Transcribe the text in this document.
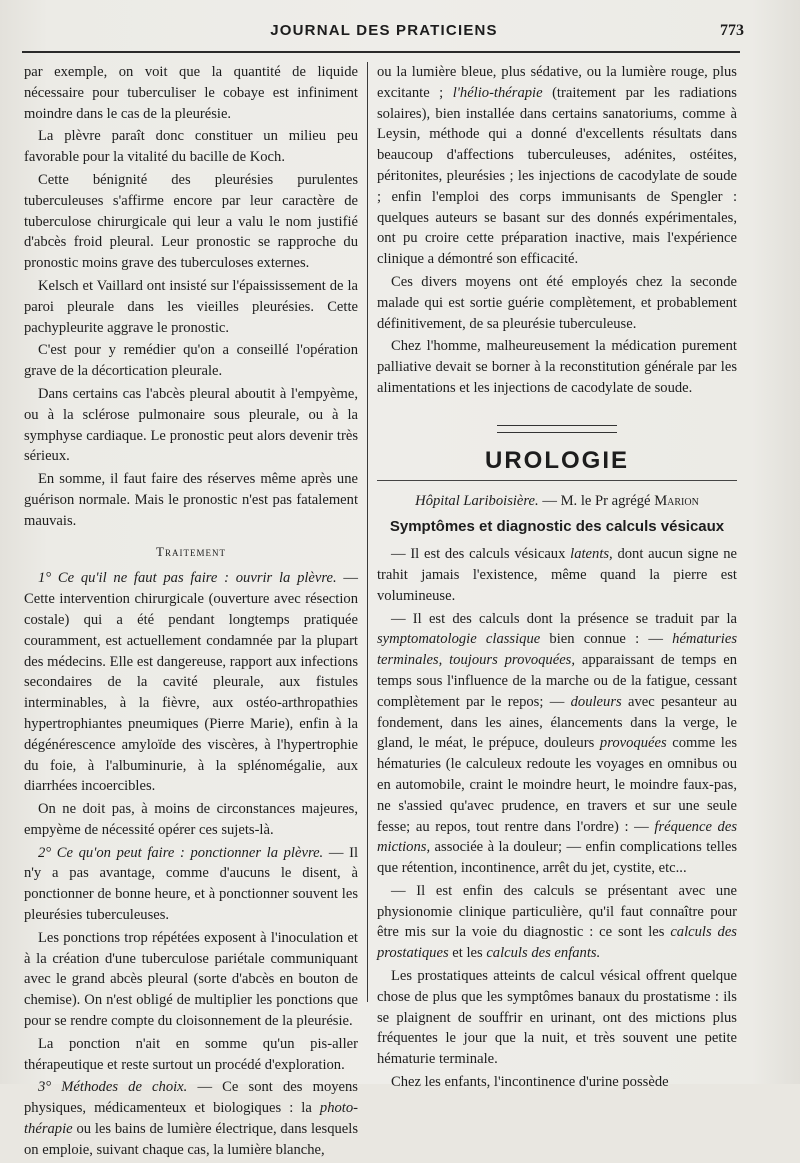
JOURNAL DES PRATICIENS	773

par exemple, on voit que la quantité de liquide nécessaire pour tuberculiser le cobaye est infiniment moindre dans le cas de la pleurésie.

La plèvre paraît donc constituer un milieu peu favorable pour la vitalité du bacille de Koch.

Cette bénignité des pleurésies purulentes tuberculeuses s'affirme encore par leur caractère de tuberculose chirurgicale qui leur a valu le nom justifié d'abcès froid pleural. Leur pronostic se rapproche du pronostic moins grave des tuberculoses externes.

Kelsch et Vaillard ont insisté sur l'épaississement de la paroi pleurale dans les vieilles pleurésies. Cette pachypleurite aggrave le pronostic.

C'est pour y remédier qu'on a conseillé l'opération grave de la décortication pleurale.

Dans certains cas l'abcès pleural aboutit à l'empyème, ou à la sclérose pulmonaire sous pleurale, ou à la symphyse cardiaque. Le pronostic peut alors devenir très sérieux.

En somme, il faut faire des réserves même après une guérison normale. Mais le pronostic n'est pas fatalement mauvais.

Traitement

1° Ce qu'il ne faut pas faire : ouvrir la plèvre. — Cette intervention chirurgicale (ouverture avec résection costale) qui a été pendant longtemps pratiquée couramment, est actuellement condamnée par la plupart des médecins. Elle est dangereuse, rapport aux infections secondaires de la cavité pleurale, aux fistules interminables, à la fièvre, aux ostéo-arthropathies hypertrophiantes pneumiques (Pierre Marie), enfin à la dégénérescence amyloïde des viscères, à l'hypertrophie du foie, à l'albuminurie, à la splénomégalie, aux diarrhées incoercibles.

On ne doit pas, à moins de circonstances majeures, empyème de nécessité opérer ces sujets-là.

2° Ce qu'on peut faire : ponctionner la plèvre. — Il n'y a pas avantage, comme d'aucuns le disent, à ponctionner de bonne heure, et à ponctionner souvent les pleurésies tuberculeuses.

Les ponctions trop répétées exposent à l'inoculation et à la création d'une tuberculose pariétale communiquant avec le grand abcès pleural (sorte d'abcès en bouton de chemise). On n'est obligé de multiplier les ponctions que pour se rendre compte du cloisonnement de la pleurésie.

La ponction n'ait en somme qu'un pis-aller thérapeutique et reste surtout un procédé d'exploration.

3° Méthodes de choix. — Ce sont des moyens physiques, médicamenteux et biologiques : la photo-thérapie ou les bains de lumière électrique, dans lesquels on emploie, suivant chaque cas, la lumière blanche,

ou la lumière bleue, plus sédative, ou la lumière rouge, plus excitante ; l'hélio-thérapie (traitement par les radiations solaires), bien installée dans certains sanatoriums, comme à Leysin, méthode qui a donné d'excellents résultats dans beaucoup d'affections tuberculeuses, adénites, ostéites, péritonites, pleurésies ; les injections de cacodylate de soude ; enfin l'emploi des corps immunisants de Spengler : quelques auteurs se basant sur des donnés expérimentales, ont pu croire cette préparation inactive, mais l'expérience clinique a démontré son efficacité.

Ces divers moyens ont été employés chez la seconde malade qui est sortie guérie complètement, et probablement définitivement, de sa pleurésie tuberculeuse.

Chez l'homme, malheureusement la médication purement palliative devait se borner à la reconstitution générale par les alimentations et les injections de cacodylate de soude.

UROLOGIE
Hôpital Lariboisière. — M. le Pr agrégé Marion
Symptômes et diagnostic des calculs vésicaux

— Il est des calculs vésicaux latents, dont aucun signe ne trahit jamais l'existence, même quand la pierre est volumineuse.

— Il est des calculs dont la présence se traduit par la symptomatologie classique bien connue : — hématuries terminales, toujours provoquées, apparaissant de temps en temps sous l'influence de la marche ou de la fatigue, cessant complètement par le repos; — douleurs avec pesanteur au fondement, dans les aines, élancements dans la verge, le gland, le méat, le prépuce, douleurs provoquées comme les hématuries (le calculeux redoute les voyages en omnibus ou en automobile, craint le moindre heurt, le moindre faux-pas, ne s'assied qu'avec prudence, en travers et sur une seule fesse; au repos, tout rentre dans l'ordre) : — fréquence des mictions, associée à la douleur; — enfin complications telles que rétention, incontinence, arrêt du jet, cystite, etc...

— Il est enfin des calculs se présentant avec une physionomie clinique particulière, qu'il faut connaître pour être mis sur la voie du diagnostic : ce sont les calculs des prostatiques et les calculs des enfants.

Les prostatiques atteints de calcul vésical offrent quelque chose de plus que les symptômes banaux du prostatisme : ils se plaignent de souffrir en urinant, ont des mictions plus fréquentes le jour que la nuit, et très souvent une petite hématurie terminale.

Chez les enfants, l'incontinence d'urine possède
